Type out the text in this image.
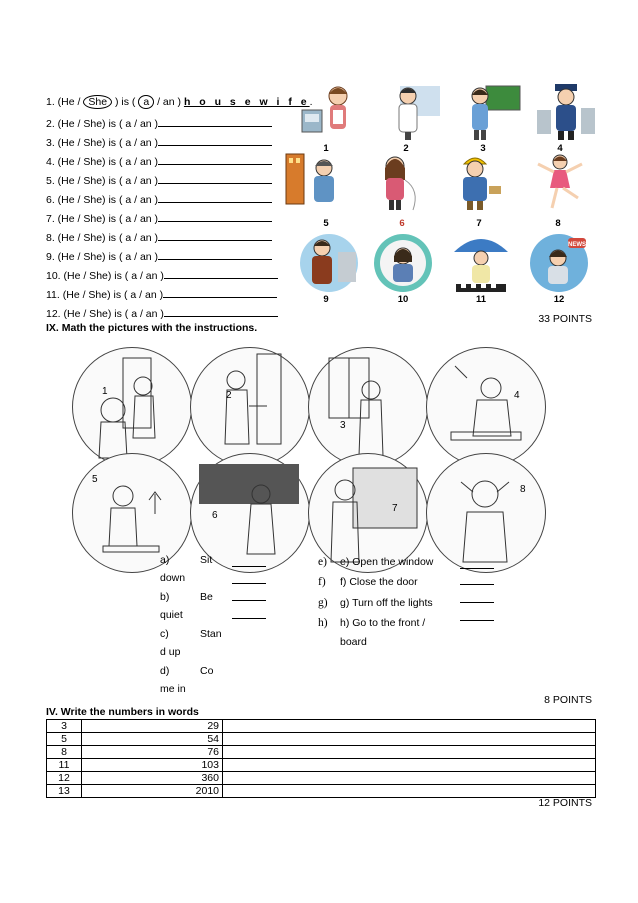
1. (He / She ) is ( a / an ) h o u s e w i f e.
2. (He / She) is ( a / an )
3. (He / She) is ( a / an )
4. (He / She) is ( a / an )
5. (He / She) is ( a / an )
6. (He / She) is ( a / an )
7. (He / She) is ( a / an )
8. (He / She) is ( a / an )
9. (He / She) is ( a / an )
10. (He / She) is ( a / an )
11. (He / She) is ( a / an )
12. (He / She) is ( a / an )
NEWS
1	2	3	4
5	6	7	8
9	10	11	12
33 POINTS
IX. Math the pictures with the instructions.
1	2
3
4
5
6
7
8
a)	Sit
down
b)	Be
quiet
c)	Stan
d up
d)	Co
me in
e) e) Open the window
f) f) Close the door
g) g) Turn off the lights
h) h) Go to the front /
board
8 POINTS
IV. Write the numbers in words
3	29	
5	54	
8	76	
11	103	
12	360	
13	2010	
12 POINTS
